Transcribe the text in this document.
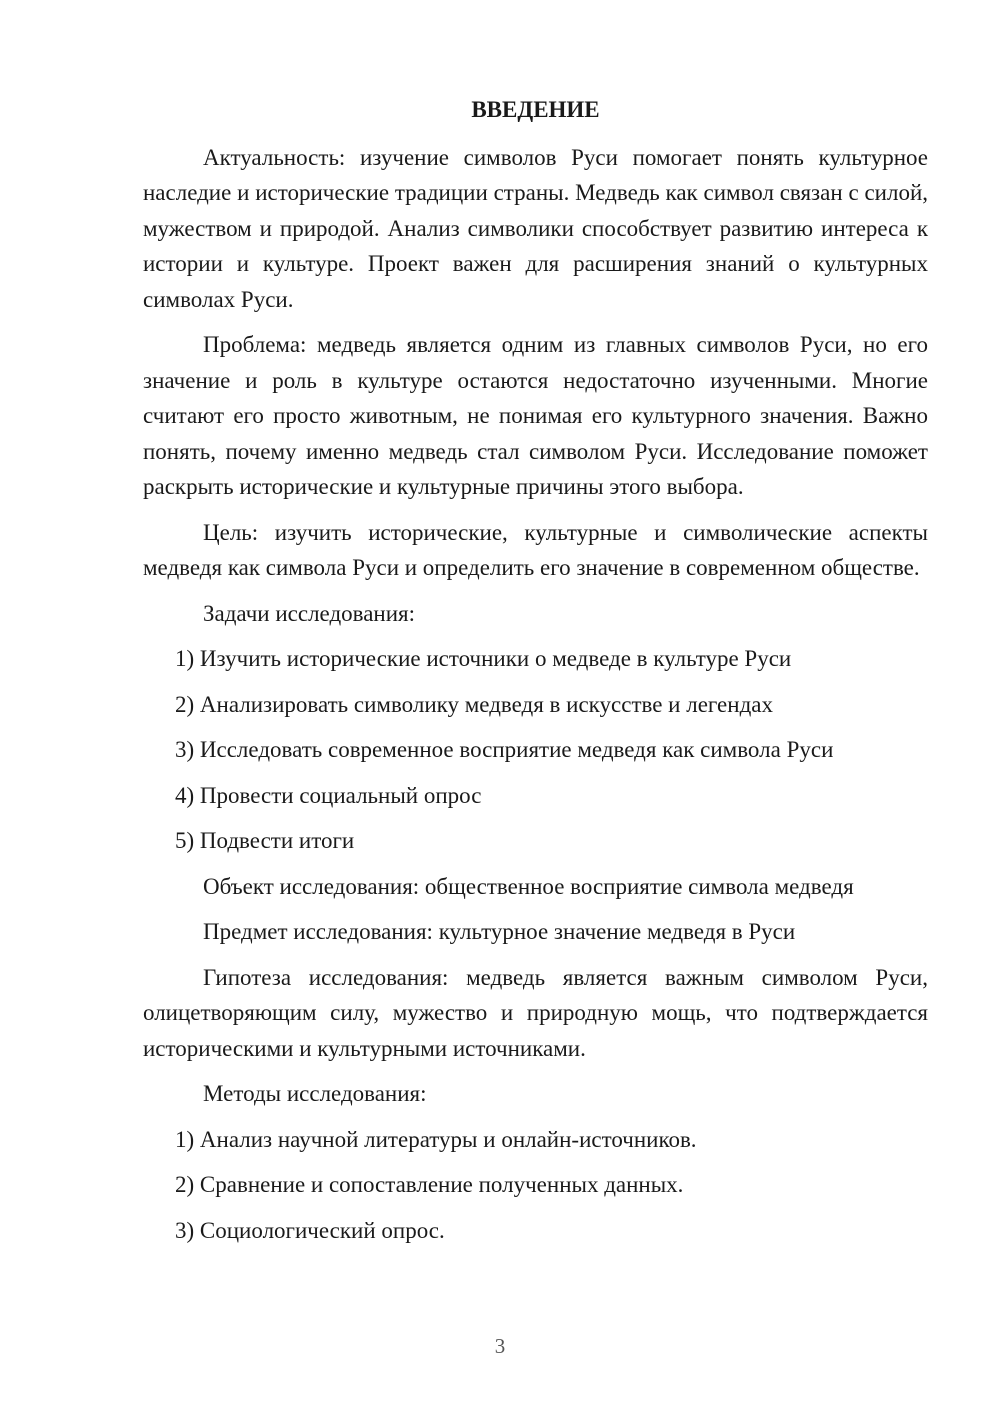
ВВЕДЕНИЕ

Актуальность: изучение символов Руси помогает понять культурное наследие и исторические традиции страны. Медведь как символ связан с силой, мужеством и природой. Анализ символики способствует развитию интереса к истории и культуре. Проект важен для расширения знаний о культурных символах Руси.

Проблема: медведь является одним из главных символов Руси, но его значение и роль в культуре остаются недостаточно изученными. Многие считают его просто животным, не понимая его культурного значения. Важно понять, почему именно медведь стал символом Руси. Исследование поможет раскрыть исторические и культурные причины этого выбора.

Цель: изучить исторические, культурные и символические аспекты медведя как символа Руси и определить его значение в современном обществе.

Задачи исследования:

1) Изучить исторические источники о медведе в культуре Руси

2) Анализировать символику медведя в искусстве и легендах

3) Исследовать современное восприятие медведя как символа Руси

4) Провести социальный опрос

5) Подвести итоги

Объект исследования: общественное восприятие символа медведя

Предмет исследования: культурное значение медведя в Руси

Гипотеза исследования: медведь является важным символом Руси, олицетворяющим силу, мужество и природную мощь, что подтверждается историческими и культурными источниками.

Методы исследования:

1) Анализ научной литературы и онлайн-источников.

2) Сравнение и сопоставление полученных данных.

3) Социологический опрос.

3
